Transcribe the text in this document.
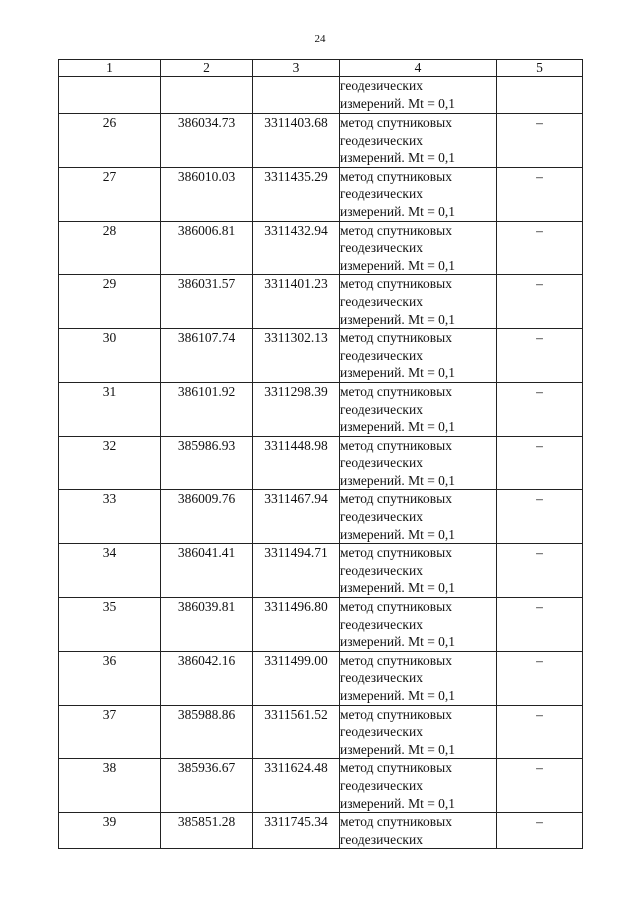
24
1	2	3	4	5

			геодезических
измерений. Mt = 0,1	

26	386034.73	3311403.68	метод спутниковых
геодезических
измерений. Mt = 0,1	–
27	386010.03	3311435.29	метод спутниковых
геодезических
измерений. Mt = 0,1	–
28	386006.81	3311432.94	метод спутниковых
геодезических
измерений. Mt = 0,1	–
29	386031.57	3311401.23	метод спутниковых
геодезических
измерений. Mt = 0,1	–
30	386107.74	3311302.13	метод спутниковых
геодезических
измерений. Mt = 0,1	–
31	386101.92	3311298.39	метод спутниковых
геодезических
измерений. Mt = 0,1	–
32	385986.93	3311448.98	метод спутниковых
геодезических
измерений. Mt = 0,1	–
33	386009.76	3311467.94	метод спутниковых
геодезических
измерений. Mt = 0,1	–
34	386041.41	3311494.71	метод спутниковых
геодезических
измерений. Mt = 0,1	–
35	386039.81	3311496.80	метод спутниковых
геодезических
измерений. Mt = 0,1	–
36	386042.16	3311499.00	метод спутниковых
геодезических
измерений. Mt = 0,1	–
37	385988.86	3311561.52	метод спутниковых
геодезических
измерений. Mt = 0,1	–
38	385936.67	3311624.48	метод спутниковых
геодезических
измерений. Mt = 0,1	–
39	385851.28	3311745.34	метод спутниковых
геодезических	–
